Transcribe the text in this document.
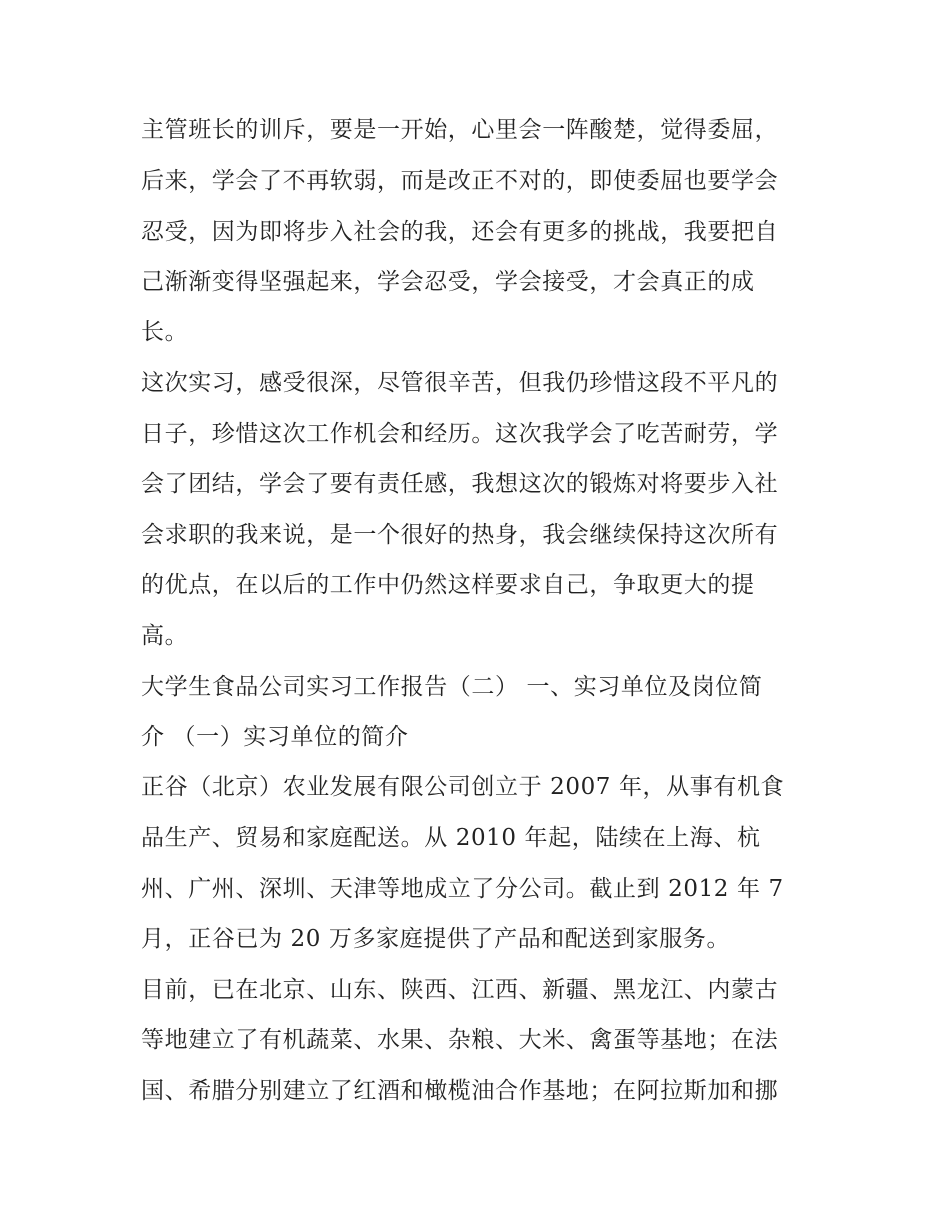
主管班长的训斥，要是一开始，心里会一阵酸楚，觉得委屈，

后来，学会了不再软弱，而是改正不对的，即使委屈也要学会

忍受，因为即将步入社会的我，还会有更多的挑战，我要把自

己渐渐变得坚强起来，学会忍受，学会接受，才会真正的成

长。

这次实习，感受很深，尽管很辛苦，但我仍珍惜这段不平凡的

日子，珍惜这次工作机会和经历。这次我学会了吃苦耐劳，学

会了团结，学会了要有责任感，我想这次的锻炼对将要步入社

会求职的我来说，是一个很好的热身，我会继续保持这次所有

的优点，在以后的工作中仍然这样要求自己，争取更大的提

高。

大学生食品公司实习工作报告（二） 一、实习单位及岗位简

介 （一）实习单位的简介

正谷（北京）农业发展有限公司创立于 2007 年，从事有机食

品生产、贸易和家庭配送。从 2010 年起，陆续在上海、杭

州、广州、深圳、天津等地成立了分公司。截止到 2012 年 7

月，正谷已为 20 万多家庭提供了产品和配送到家服务。

目前，已在北京、山东、陕西、江西、新疆、黑龙江、内蒙古

等地建立了有机蔬菜、水果、杂粮、大米、禽蛋等基地；在法

国、希腊分别建立了红酒和橄榄油合作基地；在阿拉斯加和挪
